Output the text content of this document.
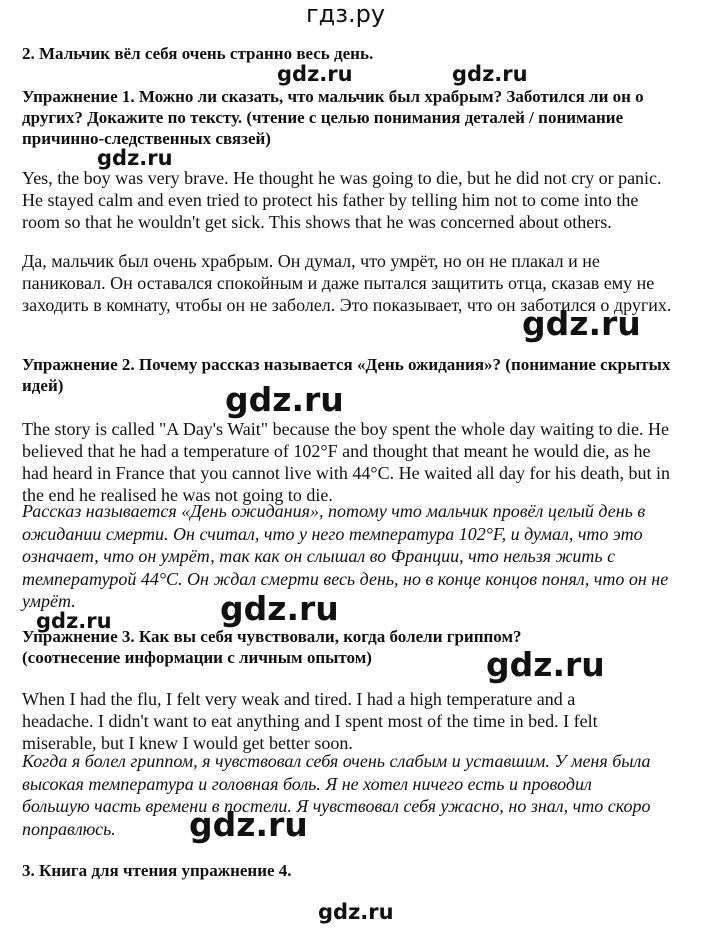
гдз.ру
gdz.ru	gdz.ru
gdz.ru
gdz.ru
gdz.ru
gdz.ru	gdz.ru
gdz.ru
gdz.ru
gdz.ru
2. Мальчик вёл себя очень странно весь день.
Упражнение 1. Можно ли сказать, что мальчик был храбрым? Заботился ли он о других? Докажите по тексту. (чтение с целью понимания деталей / понимание причинно-следственных связей)
Yes, the boy was very brave. He thought he was going to die, but he did not cry or panic. He stayed calm and even tried to protect his father by telling him not to come into the room so that he wouldn't get sick. This shows that he was concerned about others.
Да, мальчик был очень храбрым. Он думал, что умрёт, но он не плакал и не паниковал. Он оставался спокойным и даже пытался защитить отца, сказав ему не заходить в комнату, чтобы он не заболел. Это показывает, что он заботился о других.
Упражнение 2. Почему рассказ называется «День ожидания»? (понимание скрытых идей)
The story is called "A Day's Wait" because the boy spent the whole day waiting to die. He believed that he had a temperature of 102°F and thought that meant he would die, as he had heard in France that you cannot live with 44°C. He waited all day for his death, but in the end he realised he was not going to die.
Рассказ называется «День ожидания», потому что мальчик провёл целый день в ожидании смерти. Он считал, что у него температура 102°F, и думал, что это означает, что он умрёт, так как он слышал во Франции, что нельзя жить с температурой 44°С. Он ждал смерти весь день, но в конце концов понял, что он не умрёт.
Упражнение 3. Как вы себя чувствовали, когда болели гриппом? (соотнесение информации с личным опытом)
When I had the flu, I felt very weak and tired. I had a high temperature and a headache. I didn't want to eat anything and I spent most of the time in bed. I felt miserable, but I knew I would get better soon.
Когда я болел гриппом, я чувствовал себя очень слабым и уставшим. У меня была высокая температура и головная боль. Я не хотел ничего есть и проводил большую часть времени в постели. Я чувствовал себя ужасно, но знал, что скоро поправлюсь.
3. Книга для чтения упражнение 4.
